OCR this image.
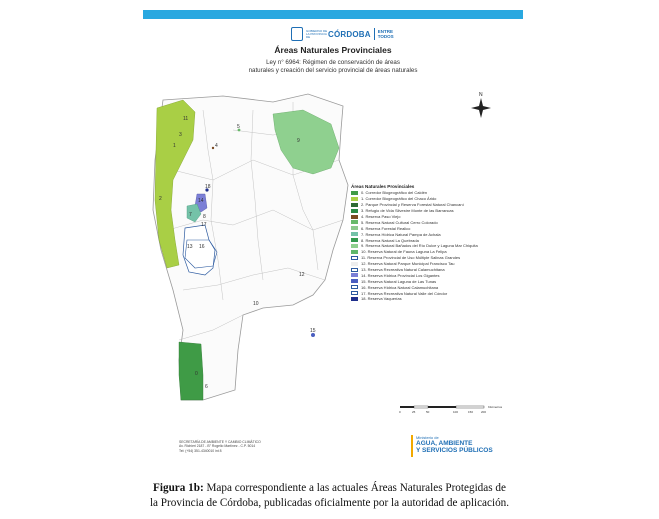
GOBIERNO DE LA PROVINCIA DE	CÓRDOBA ENTRE
TODOS
Áreas Naturales Provinciales
Ley n° 6964: Régimen de conservación de áreas
naturales y creación del servicio provincial de áreas naturales
0
1
2
3
4
5
6
7 8
9
10
11
12
13
14
15
16
17
18
N
Áreas Naturales Provinciales
0. Corredor Biogeográfico del Caldén
1. Corredor Biogeográfico del Chaco Árido
2. Parque Provincial y Reserva Forestal Natural Chancaní
3. Refugio de Vida Silvestre Monte de las Barrancas
4. Reserva Paso Viejo
5. Reserva Natural Cultural Cerro Colorado
6. Reserva Forestal Realico
7. Reserva Hídrica Natural Pampa de Achala
8. Reserva Natural La Quebrada
9. Reserva Natural Bañados del Río Dulce y Laguna Mar Chiquita
10. Reserva Natural de Fauna Laguna La Felipa
11. Reserva Provincial de Uso Múltiple Salinas Grandes
12. Reserva Natural Parque Municipal Francisco Tau
13. Reserva Recreativa Natural Calamuchitana
14. Reserva Hídrica Provincial Los Gigantes
15. Reserva Natural Laguna de Las Tunas
16. Reserva Hídrica Natural Calamuchitana
17. Reserva Recreativa Natural Valle del Cóndor
18. Reserva Vaquerías
0	25	50	100	150	200
Kilómetros
SECRETARÍA DE AMBIENTE Y CAMBIO CLIMÁTICO
Av. Richieri 2187 - B° Rogelio Martínez - C.P. 5014
Tel: (+54) 351-4340010 int 8
Ministerio de
AGUA, AMBIENTE
Y SERVICIOS PÚBLICOS
Figura 1b: Mapa correspondiente a las actuales Áreas Naturales Protegidas de
la Provincia de Córdoba, publicadas oficialmente por la autoridad de aplicación.
